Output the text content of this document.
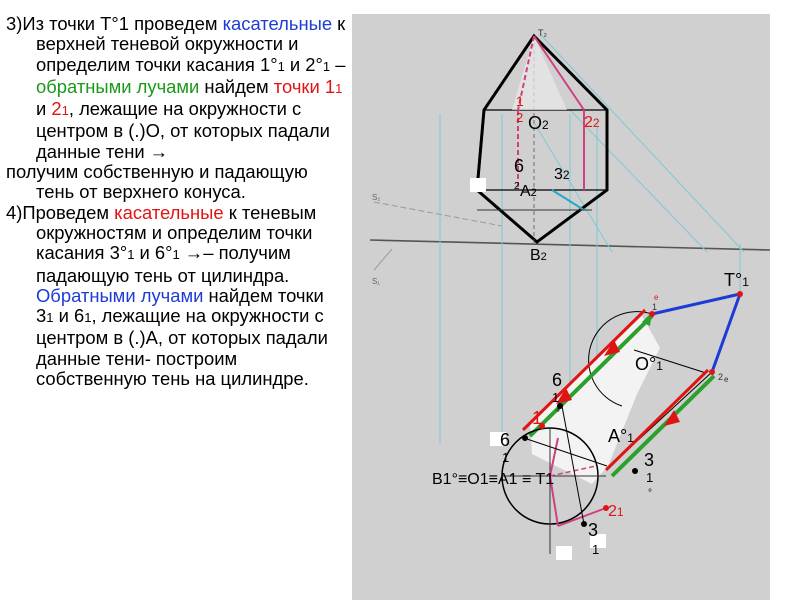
3)Из точки Т°1 проведем касательные к верхней теневой окружности и определим точки касания 1°1 и 2°1 – обратными лучами найдем точки 11 и 21, лежащие на окружности с центром в (.)О, от которых падали данные тени →

получим собственную и падающую тень от верхнего конуса.

4)Проведем касательные к теневым окружностям и определим точки касания 3°1 и 6°1 →– получим падающую тень от цилиндра. Обратными лучами найдем точки 31 и 61, лежащие на окружности с центром в (.)А, от которых падали данные тени- построим собственную тень на цилиндре.

S₂
S₁
T₂
1
2 O2 22
6
2
32
A2
B2
T°1
O°1
A°1
e
1
2 e
6
1
°
1
6
1	3
1
°
B1°≡O1≡A1 ≡ T1
21
3
1
